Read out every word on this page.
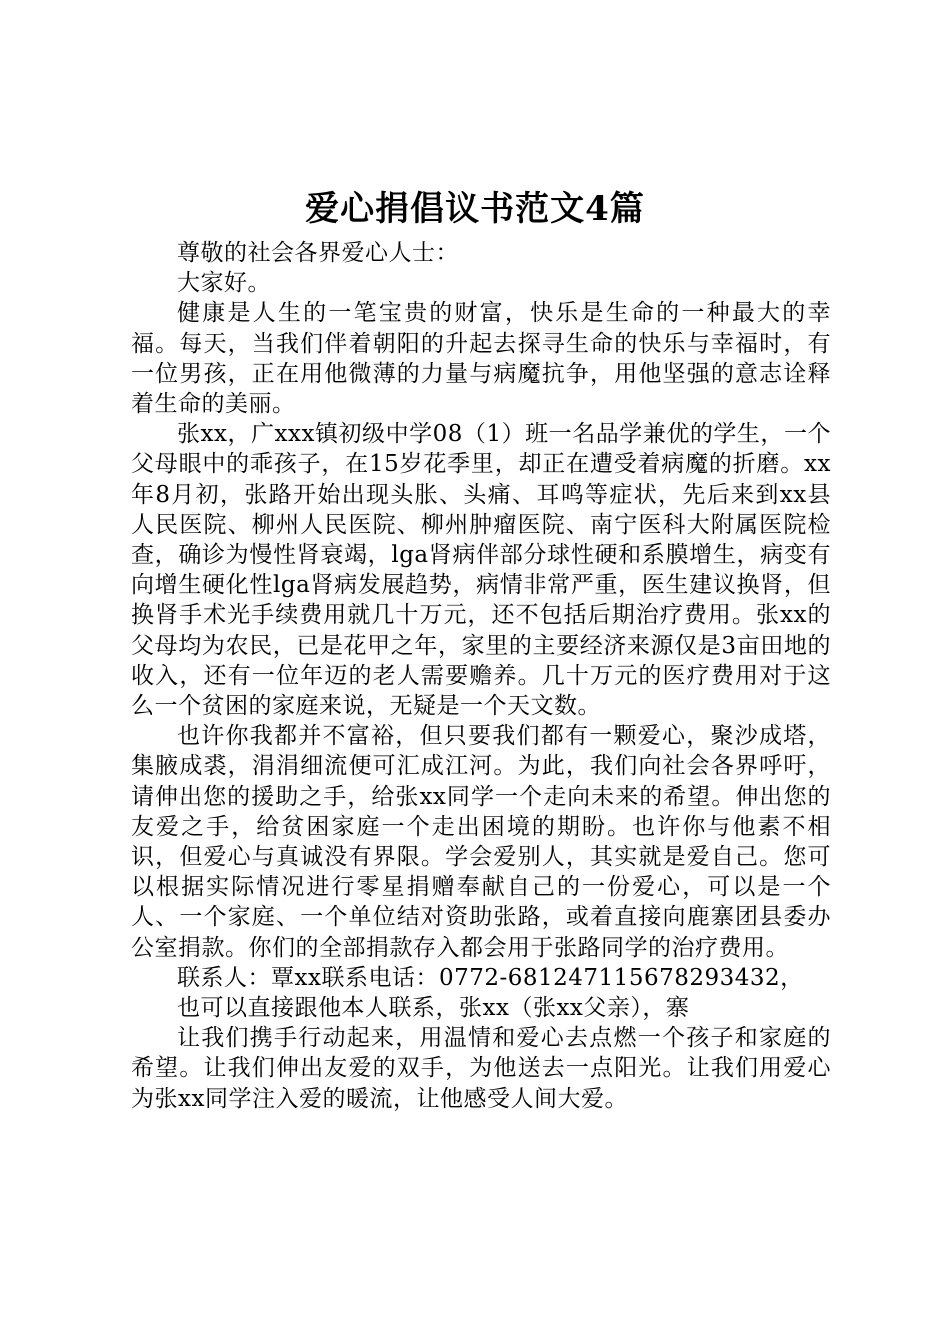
爱心捐倡议书范文4篇

尊敬的社会各界爱心人士：

大家好。

健康是人生的一笔宝贵的财富，快乐是生命的一种最大的幸福。每天，当我们伴着朝阳的升起去探寻生命的快乐与幸福时，有一位男孩，正在用他微薄的力量与病魔抗争，用他坚强的意志诠释着生命的美丽。

张xx，广xxx镇初级中学08（1）班一名品学兼优的学生，一个父母眼中的乖孩子，在15岁花季里，却正在遭受着病魔的折磨。xx年8月初，张路开始出现头胀、头痛、耳鸣等症状，先后来到xx县人民医院、柳州人民医院、柳州肿瘤医院、南宁医科大附属医院检查，确诊为慢性肾衰竭，lga肾病伴部分球性硬和系膜增生，病变有向增生硬化性lga肾病发展趋势，病情非常严重，医生建议换肾，但换肾手术光手续费用就几十万元，还不包括后期治疗费用。张xx的父母均为农民，已是花甲之年，家里的主要经济来源仅是3亩田地的收入，还有一位年迈的老人需要赡养。几十万元的医疗费用对于这么一个贫困的家庭来说，无疑是一个天文数。

也许你我都并不富裕，但只要我们都有一颗爱心，聚沙成塔，集腋成裘，涓涓细流便可汇成江河。为此，我们向社会各界呼吁，请伸出您的援助之手，给张xx同学一个走向未来的希望。伸出您的友爱之手，给贫困家庭一个走出困境的期盼。也许你与他素不相识，但爱心与真诚没有界限。学会爱别人，其实就是爱自己。您可以根据实际情况进行零星捐赠奉献自己的一份爱心，可以是一个人、一个家庭、一个单位结对资助张路，或着直接向鹿寨团县委办公室捐款。你们的全部捐款存入都会用于张路同学的治疗费用。

联系人：覃xx联系电话：0772-681247115678293432，

也可以直接跟他本人联系，张xx（张xx父亲），寨

让我们携手行动起来，用温情和爱心去点燃一个孩子和家庭的希望。让我们伸出友爱的双手，为他送去一点阳光。让我们用爱心为张xx同学注入爱的暖流，让他感受人间大爱。
